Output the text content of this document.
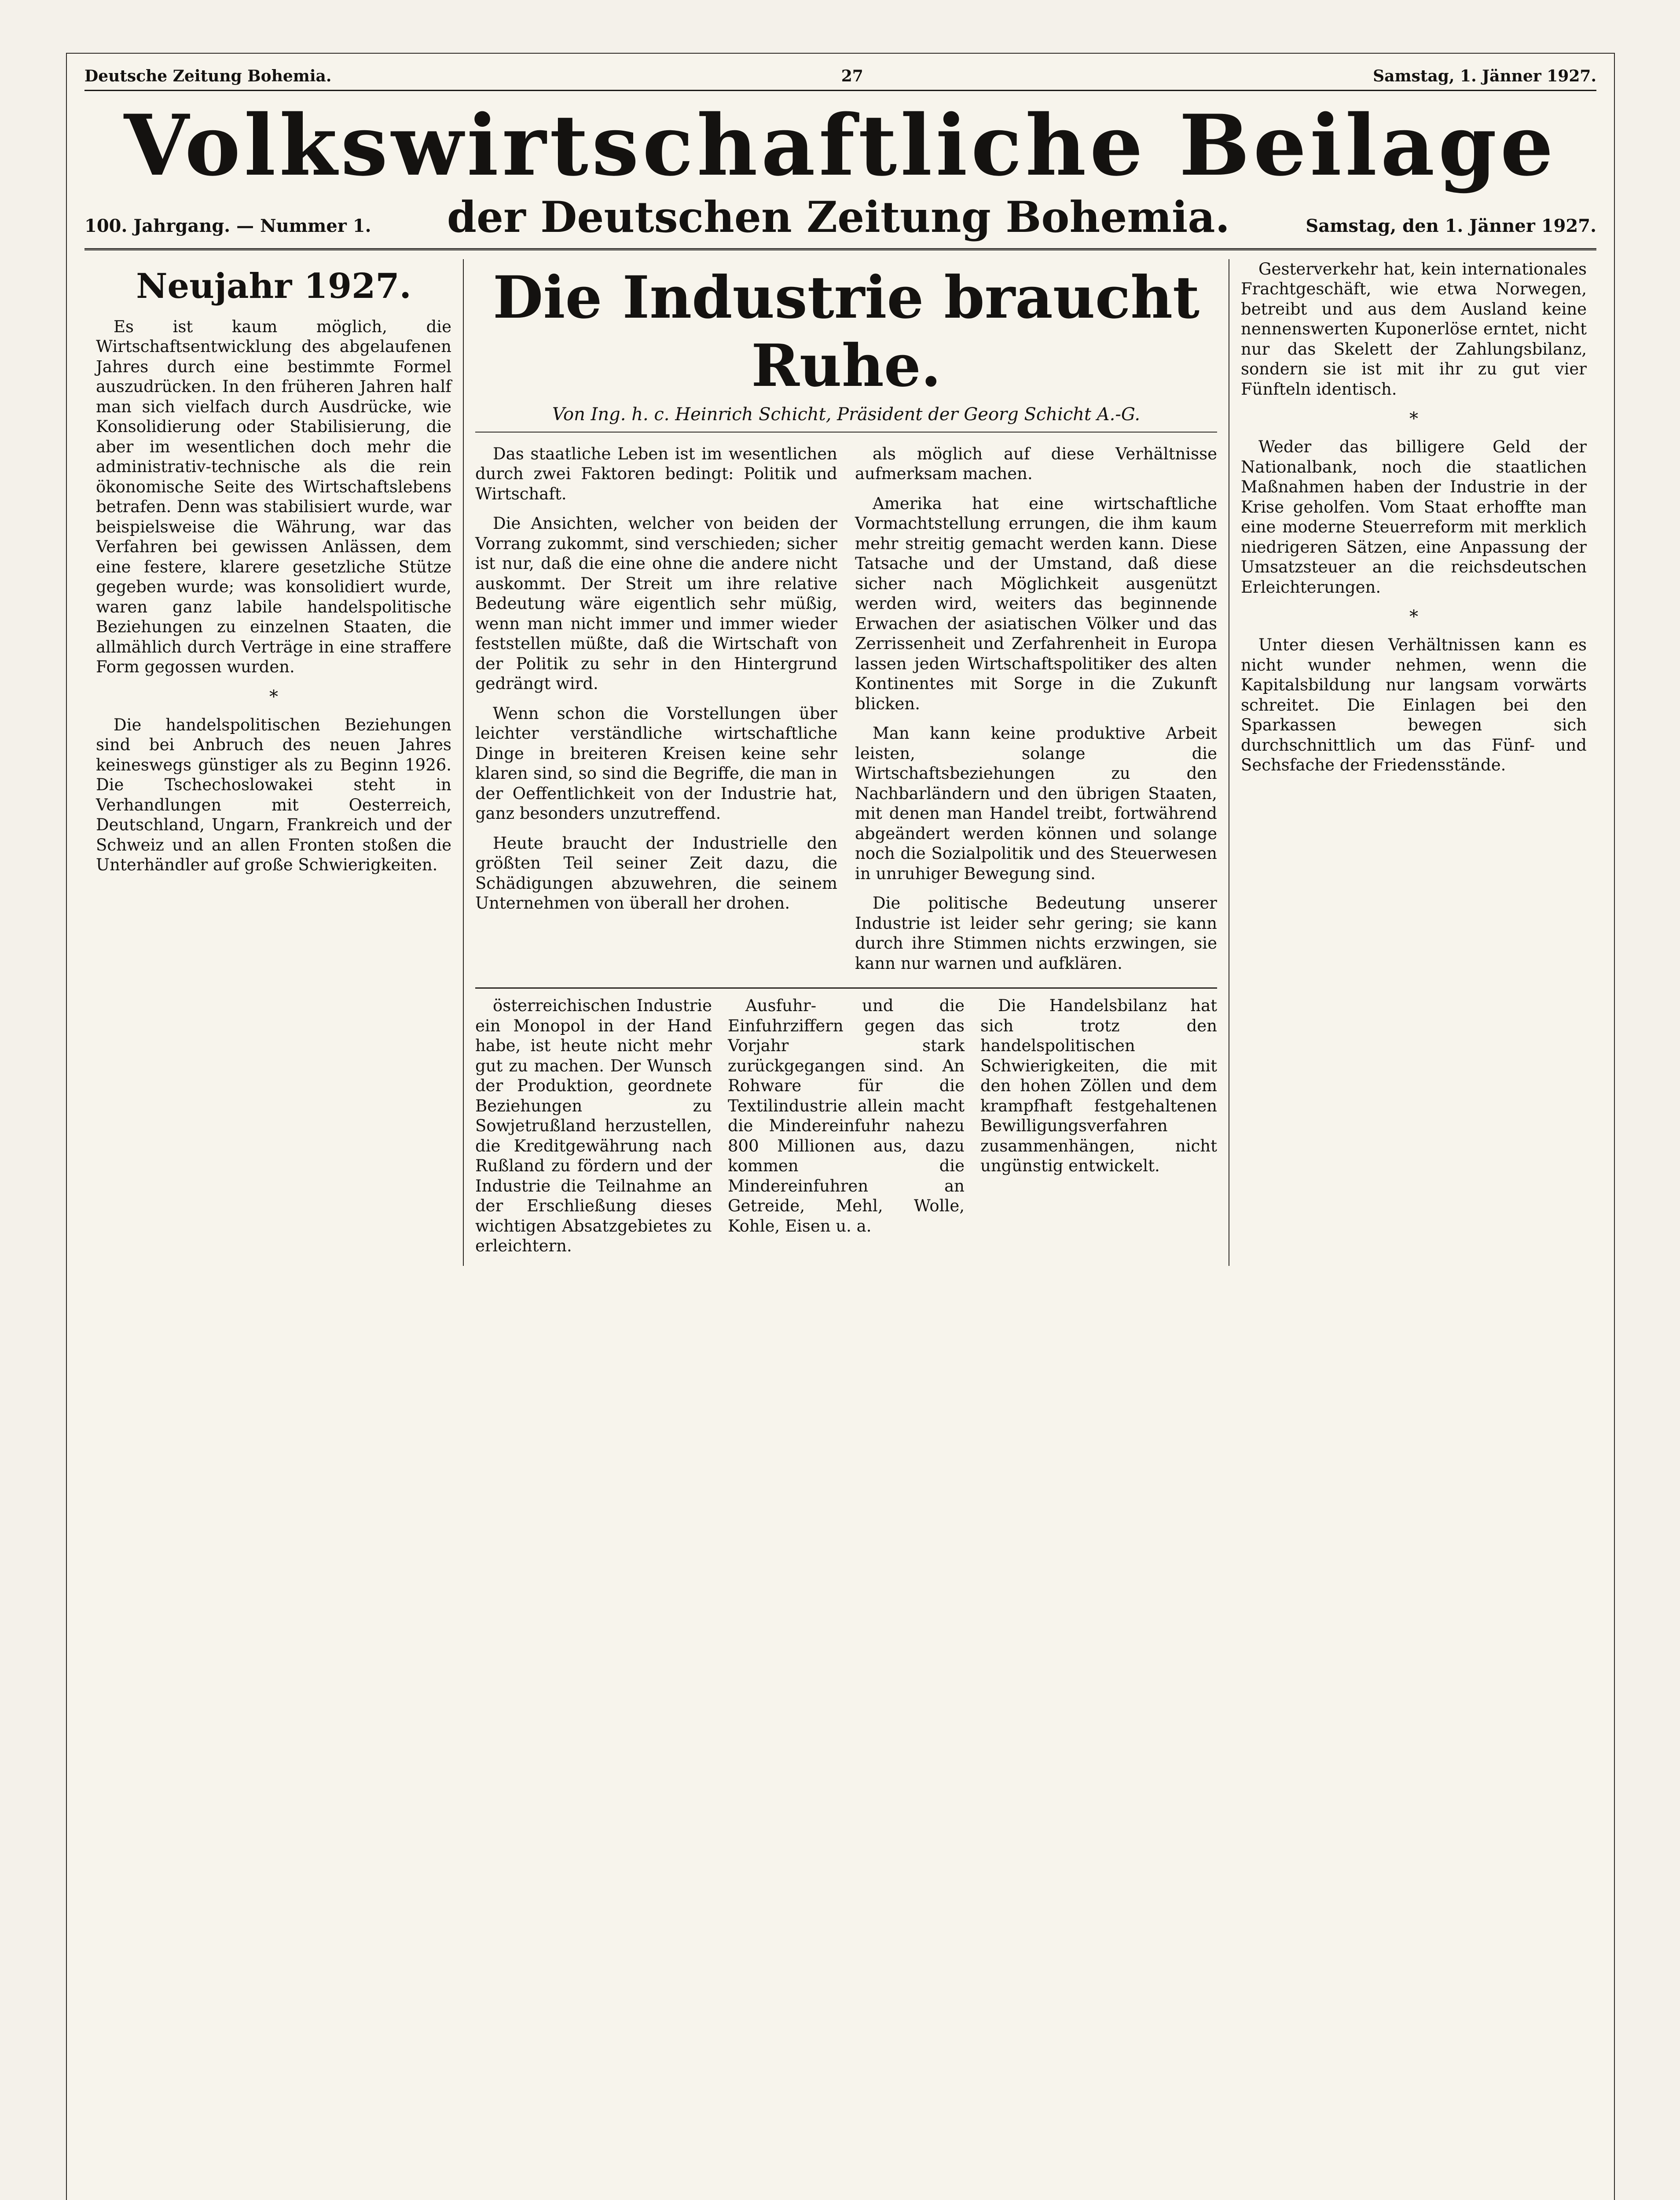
Deutsche Zeitung Bohemia.	27	Samstag, 1. Jänner 1927.
Volkswirtschaftliche Beilage
100. Jahrgang. — Nummer 1. der Deutschen Zeitung Bohemia.	Samstag, den 1. Jänner 1927.
Neujahr 1927.

Es ist kaum möglich, die Wirtschaftsentwicklung des abgelaufenen Jahres durch eine bestimmte Formel auszudrücken. In den früheren Jahren half man sich vielfach durch Ausdrücke, wie Konsolidierung oder Stabilisierung, die aber im wesentlichen doch mehr die administrativ-technische als die rein ökonomische Seite des Wirtschaftslebens betrafen. Denn was stabilisiert wurde, war beispielsweise die Währung, war das Verfahren bei gewissen Anlässen, dem eine festere, klarere gesetzliche Stütze gegeben wurde; was konsolidiert wurde, waren ganz labile handelspolitische Beziehungen zu einzelnen Staaten, die allmählich durch Verträge in eine straffere Form gegossen wurden.

*

Die handelspolitischen Beziehungen sind bei Anbruch des neuen Jahres keineswegs günstiger als zu Beginn 1926. Die Tschechoslowakei steht in Verhandlungen mit Oesterreich, Deutschland, Ungarn, Frankreich und der Schweiz und an allen Fronten stoßen die Unterhändler auf große Schwierigkeiten.

Die Industrie braucht Ruhe.
Von Ing. h. c. Heinrich Schicht, Präsident der Georg Schicht A.-G.

Das staatliche Leben ist im wesentlichen durch zwei Faktoren bedingt: Politik und Wirtschaft.

Die Ansichten, welcher von beiden der Vorrang zukommt, sind verschieden; sicher ist nur, daß die eine ohne die andere nicht auskommt. Der Streit um ihre relative Bedeutung wäre eigentlich sehr müßig, wenn man nicht immer und immer wieder feststellen müßte, daß die Wirtschaft von der Politik zu sehr in den Hintergrund gedrängt wird.

Wenn schon die Vorstellungen über leichter verständliche wirtschaftliche Dinge in breiteren Kreisen keine sehr klaren sind, so sind die Begriffe, die man in der Oeffentlichkeit von der Industrie hat, ganz besonders unzutreffend.

Heute braucht der Industrielle den größten Teil seiner Zeit dazu, die Schädigungen abzuwehren, die seinem Unternehmen von überall her drohen.

als möglich auf diese Verhältnisse aufmerksam machen.

Amerika hat eine wirtschaftliche Vormachtstellung errungen, die ihm kaum mehr streitig gemacht werden kann. Diese Tatsache und der Umstand, daß diese sicher nach Möglichkeit ausgenützt werden wird, weiters das beginnende Erwachen der asiatischen Völker und das Zerrissenheit und Zerfahrenheit in Europa lassen jeden Wirtschaftspolitiker des alten Kontinentes mit Sorge in die Zukunft blicken.

Man kann keine produktive Arbeit leisten, solange die Wirtschaftsbeziehungen zu den Nachbarländern und den übrigen Staaten, mit denen man Handel treibt, fortwährend abgeändert werden können und solange noch die Sozialpolitik und des Steuerwesen in unruhiger Bewegung sind.

Die politische Bedeutung unserer Industrie ist leider sehr gering; sie kann durch ihre Stimmen nichts erzwingen, sie kann nur warnen und aufklären.

österreichischen Industrie ein Monopol in der Hand habe, ist heute nicht mehr gut zu machen. Der Wunsch der Produktion, geordnete Beziehungen zu Sowjetrußland herzustellen, die Kreditgewährung nach Rußland zu fördern und der Industrie die Teilnahme an der Erschließung dieses wichtigen Absatzgebietes zu erleichtern.

Ausfuhr- und die Einfuhrziffern gegen das Vorjahr stark zurückgegangen sind. An Rohware für die Textilindustrie allein macht die Mindereinfuhr nahezu 800 Millionen aus, dazu kommen die Mindereinfuhren an Getreide, Mehl, Wolle, Kohle, Eisen u. a.

Die Handelsbilanz hat sich trotz den handelspolitischen Schwierigkeiten, die mit den hohen Zöllen und dem krampfhaft festgehaltenen Bewilligungsverfahren zusammenhängen, nicht ungünstig entwickelt.

Gesterverkehr hat, kein internationales Frachtgeschäft, wie etwa Norwegen, betreibt und aus dem Ausland keine nennenswerten Kuponerlöse erntet, nicht nur das Skelett der Zahlungsbilanz, sondern sie ist mit ihr zu gut vier Fünfteln identisch.

*

Weder das billigere Geld der Nationalbank, noch die staatlichen Maßnahmen haben der Industrie in der Krise geholfen. Vom Staat erhoffte man eine moderne Steuerreform mit merklich niedrigeren Sätzen, eine Anpassung der Umsatzsteuer an die reichsdeutschen Erleichterungen.

*

Unter diesen Verhältnissen kann es nicht wunder nehmen, wenn die Kapitalsbildung nur langsam vorwärts schreitet. Die Einlagen bei den Sparkassen bewegen sich durchschnittlich um das Fünf- und Sechsfache der Friedensstände.
